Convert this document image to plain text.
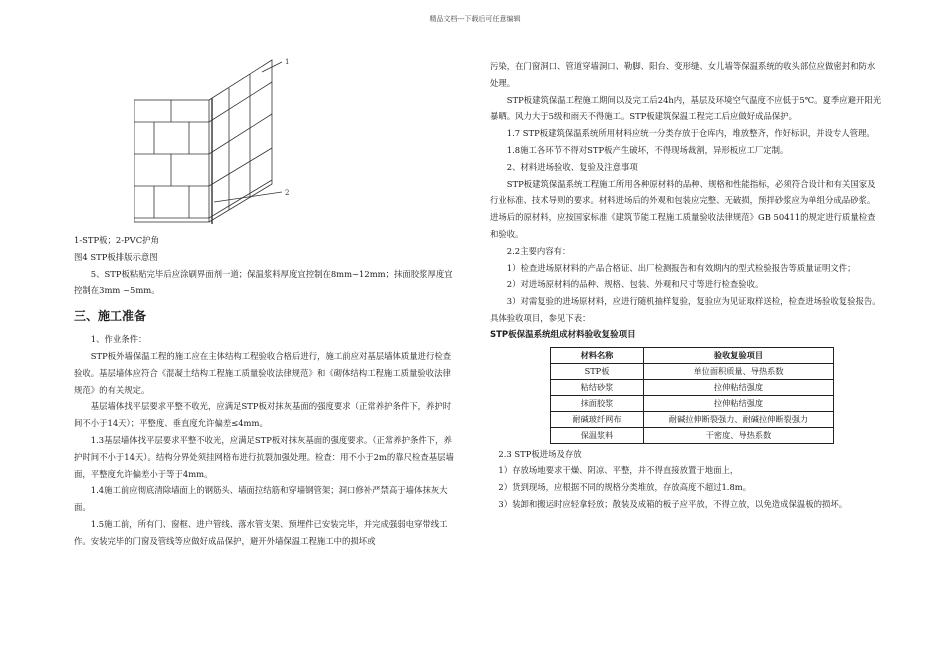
精品文档---下载后可任意编辑
1
2

1-STP板；2-PVC护角

图4 STP板排版示意图

5、STP板粘贴完毕后应涂刷界面剂一道；保温浆料厚度宜控制在8mm~12mm；抹面胶浆厚度宜控制在3mm ~5mm。

三、施工准备

1、作业条件：

STP板外墙保温工程的施工应在主体结构工程验收合格后进行，施工前应对基层墙体质量进行检查验收。基层墙体应符合《混凝土结构工程施工质量验收法律规范》和《砌体结构工程施工质量验收法律规范》的有关规定。

基层墙体找平层要求平整不收光，应满足STP板对抹灰基面的强度要求（正常养护条件下，养护时间不小于14天）；平整度、垂直度允许偏差≤4mm。

1.3基层墙体找平层要求平整不收光，应满足STP板对抹灰基面的强度要求。（正常养护条件下，养护时间不小于14天）。结构分界处须挂网格布进行抗裂加强处理。检查：用不小于2m的靠尺检查基层墙面，平整度允许偏差小于等于4mm。

1.4施工前应彻底清除墙面上的钢筋头、墙面拉结筋和穿墙钢管架；洞口修补严禁高于墙体抹灰大面。

1.5施工前，所有门、窗框、进户管线、落水管支架、预埋件已安装完毕，并完成强弱电穿带线工作。安装完毕的门窗及管线等应做好成品保护，避开外墙保温工程施工中的损坏或

污染，在门窗洞口、管道穿墙洞口、勒脚、阳台、变形缝、女儿墙等保温系统的收头部位应做密封和防水处理。

STP板建筑保温工程施工期间以及完工后24h内，基层及环境空气温度不应低于5℃。夏季应避开阳光暴晒。风力大于5级和雨天不得施工。STP板建筑保温工程完工后应做好成品保护。

1.7 STP板建筑保温系统所用材料应统一分类存放于仓库内，堆放整齐，作好标识，并设专人管理。

1.8施工各环节不得对STP板产生破坏，不得现场裁割，异形板应工厂定制。

2、材料进场验收、复验及注意事项

STP板建筑保温系统工程施工所用各种原材料的品种、规格和性能指标，必须符合设计和有关国家及行业标准、技术导则的要求。材料进场后的外观和包装应完整、无破损，预拌砂浆应为单组分成品砂浆。进场后的原材料，应按国家标准《建筑节能工程施工质量验收法律规范》GB 50411的规定进行质量检查和验收。

2.2主要内容有：

1）检查进场原材料的产品合格证、出厂检测报告和有效期内的型式检验报告等质量证明文件；

2）对进场原材料的品种、规格、包装、外观和尺寸等进行检查验收。

3）对需复验的进场原材料，应进行随机抽样复验，复验应为见证取样送检，检查进场验收复验报告。具体验收项目，参见下表：

STP板保温系统组成材料验收复验项目

材料名称	验收复验项目
STP板	单位面积质量、导热系数
粘结砂浆	拉伸粘结强度
抹面胶浆	拉伸粘结强度
耐碱玻纤网布	耐碱拉伸断裂强力、耐碱拉伸断裂强力
保温浆料	干密度、导热系数

2.3 STP板进场及存放

1）存放场地要求干燥、阴凉、平整，并不得直接放置于地面上，

2）货到现场，应根据不同的规格分类堆放，存放高度不超过1.8m。

3）装卸和搬运时应轻拿轻放；散装及成箱的板子应平放，不得立放，以免造成保温板的损坏。
